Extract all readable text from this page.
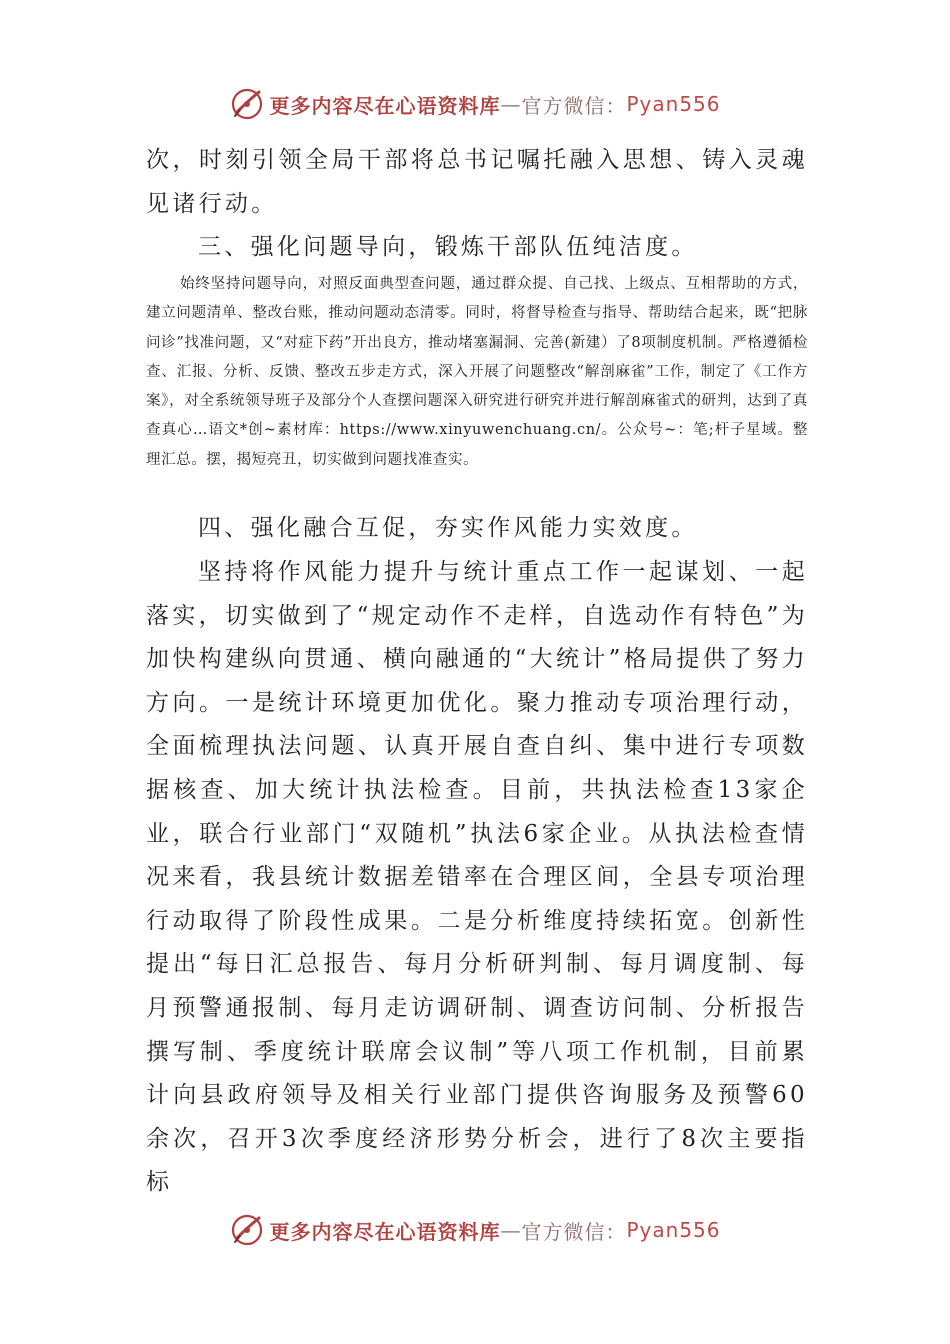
更多内容尽在心语资料库 — 官方微信： Pyan556

次，时刻引领全局干部将总书记嘱托融入思想、铸入灵魂见诸行动。

三、强化问题导向，锻炼干部队伍纯洁度。

始终坚持问题导向，对照反面典型查问题，通过群众提、自己找、上级点、互相帮助的方式，建立问题清单、整改台账，推动问题动态清零。同时，将督导检查与指导、帮助结合起来，既“把脉问诊”找准问题，又“对症下药”开出良方，推动堵塞漏洞、完善(新建）了8项制度机制。严格遵循检查、汇报、分析、反馈、整改五步走方式，深入开展了问题整改“解剖麻雀”工作，制定了《工作方案》，对全系统领导班子及部分个人查摆问题深入研究进行研究并进行解剖麻雀式的研判，达到了真查真心…语文*创~素材库：https://www.xinyuwenchuang.cn/。公众号~：笔;杆子星域。整理汇总。摆，揭短亮丑，切实做到问题找准查实。

四、强化融合互促，夯实作风能力实效度。

坚持将作风能力提升与统计重点工作一起谋划、一起落实，切实做到了“规定动作不走样，自选动作有特色”为加快构建纵向贯通、横向融通的“大统计”格局提供了努力方向。一是统计环境更加优化。聚力推动专项治理行动，全面梳理执法问题、认真开展自查自纠、集中进行专项数据核查、加大统计执法检查。目前，共执法检查13家企业，联合行业部门“双随机”执法6家企业。从执法检查情况来看，我县统计数据差错率在合理区间，全县专项治理行动取得了阶段性成果。二是分析维度持续拓宽。创新性提出“每日汇总报告、每月分析研判制、每月调度制、每月预警通报制、每月走访调研制、调查访问制、分析报告撰写制、季度统计联席会议制”等八项工作机制，目前累计向县政府领导及相关行业部门提供咨询服务及预警60余次，召开3次季度经济形势分析会，进行了8次主要指标

更多内容尽在心语资料库 — 官方微信： Pyan556
